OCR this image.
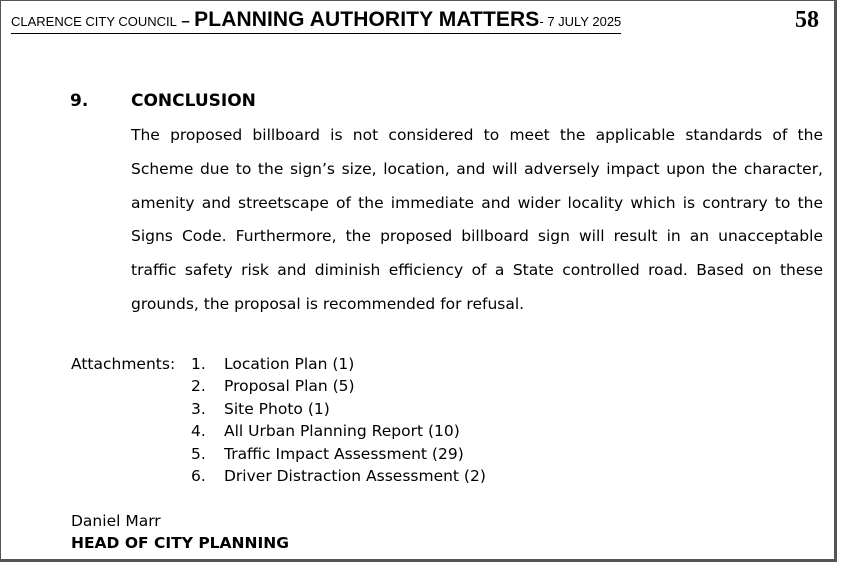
CLARENCE CITY COUNCIL – PLANNING AUTHORITY MATTERS- 7 JULY 2025	58
9.	CONCLUSION
The proposed billboard is not considered to meet the applicable standards of the Scheme due to the sign’s size, location, and will adversely impact upon the character, amenity and streetscape of the immediate and wider locality which is contrary to the Signs Code. Furthermore, the proposed billboard sign will result in an unacceptable traffic safety risk and diminish efficiency of a State controlled road. Based on these grounds, the proposal is recommended for refusal.
Attachments: 1. Location Plan (1)
2. Proposal Plan (5)
3. Site Photo (1)
4. All Urban Planning Report (10)
5. Traffic Impact Assessment (29)
6. Driver Distraction Assessment (2)
Daniel Marr
HEAD OF CITY PLANNING
